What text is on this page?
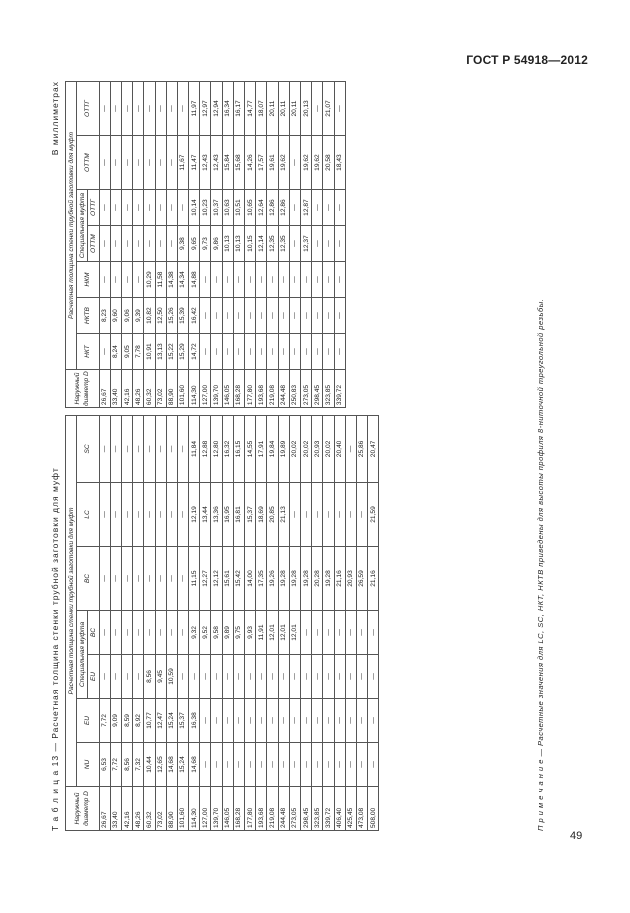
ГОСТ Р 54918—2012
49
Т а б л и ц а 13 — Расчетная толщина стенки трубной заготовки для муфт
В миллиметрах
Наружный диаметр D	Расчетная толщина стенки трубной заготовки для муфт						
	NU	EU	Специальная муфта		BC	LC	SC
			EU	BC			
26,67	6,53	7,72	—	—	—	—	—
33,40	7,72	9,09	—	—	—	—	—
42,16	8,56	8,59	—	—	—	—	—
48,26	7,32	8,92	—	—	—	—	—
60,32	10,44	10,77	8,56	—	—	—	—
73,02	12,65	12,47	9,45	—	—	—	—
88,90	14,68	15,24	10,59	—	—	—	—
101,60	15,24	15,37	—	—	—	—	—
114,30	14,68	16,38	—	9,32	11,15	12,19	11,84
127,00	—	—	—	9,52	12,27	13,44	12,88
139,70	—	—	—	9,58	12,12	13,36	12,80
146,05	—	—	—	9,89	15,61	16,95	16,32
168,28	—	—	—	9,75	15,42	16,81	16,15
177,80	—	—	—	9,93	14,00	15,37	14,55
193,68	—	—	—	11,91	17,35	18,69	17,91
219,08	—	—	—	12,01	19,26	20,85	19,84
244,48	—	—	—	12,01	19,28	21,13	19,89
273,05	—	—	—	12,01	19,28	—	20,02
298,45	—	—	—	—	19,28	—	20,02
323,85	—	—	—	—	20,28	—	20,93
339,72	—	—	—	—	19,28	—	20,02
406,40	—	—	—	—	21,16	—	20,40
425,45	—	—	—	—	20,93	—	—
473,08	—	—	—	—	26,59	—	25,86
508,00	—	—	—	—	21,16	21,59	20,47
Наружный диаметр D	Расчетная толщина стенки трубной заготовки для муфт						
	НКТ	НКТВ	НКМ	Специальная муфта		ОТТМ	ОТТГ
				ОТТМ	ОТТГ		
26,67	—	8,23	—	—	—	—	—
33,40	8,24	9,60	—	—	—	—	—
42,16	9,05	9,06	—	—	—	—	—
48,26	7,78	9,39	—	—	—	—	—
60,32	10,91	10,82	10,29	—	—	—	—
73,02	13,13	12,50	11,58	—	—	—	—
88,90	15,22	15,26	14,38	—	—	—	—
101,60	15,29	15,39	14,34	9,38	—	11,67	—
114,30	14,72	16,42	14,88	9,65	10,14	11,47	11,97
127,00	—	—	—	9,73	10,23	12,43	12,97
139,70	—	—	—	9,86	10,37	12,43	12,94
146,05	—	—	—	10,13	10,63	15,84	16,34
168,28	—	—	—	10,13	10,51	15,68	16,17
177,80	—	—	—	10,15	10,65	14,26	14,77
193,68	—	—	—	12,14	12,64	17,57	18,07
219,08	—	—	—	12,35	12,86	19,61	20,11
244,48	—	—	—	12,35	12,86	19,62	20,11
250,83	—	—	—	—	—	—	20,11
273,05	—	—	—	12,37	12,87	19,62	20,13
298,45	—	—	—	—	—	19,62	—
323,85	—	—	—	—	—	20,58	21,07
339,72	—	—	—	—	—	18,43	—
П р и м е ч а н и е — Расчетные значения для LC, SC, НКТ, НКТВ приведены для высоты профиля 8-ниточной треугольной резьбы.
